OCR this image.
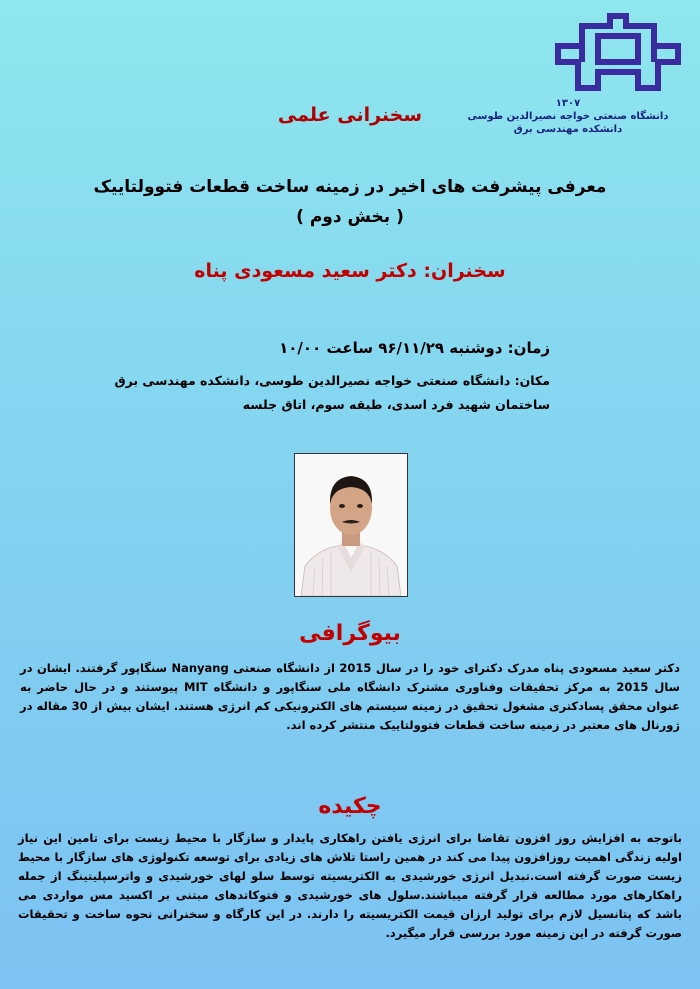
۱۳۰۷
دانشگاه صنعتی خواجه نصیرالدین طوسی
دانشکده مهندسی برق
سخنرانی علمی
معرفی پیشرفت های اخیر در زمینه ساخت قطعات فتوولتاییک
( بخش دوم )
سخنران: دکتر سعید مسعودی پناه
زمان: دوشنبه ۹۶/۱۱/۲۹ ساعت ۱۰/۰۰
مکان: دانشگاه صنعتی خواجه نصیرالدین طوسی، دانشکده مهندسی برق
ساختمان شهید فرد اسدی، طبقه سوم، اتاق جلسه
بیوگرافی
دکتر سعید مسعودی پناه مدرک دکترای خود را در سال 2015 از دانشگاه صنعتی Nanyang سنگاپور گرفتند. ایشان در سال 2015 به مرکز تحقیقات وفناوری مشترک دانشگاه ملی سنگاپور و دانشگاه MIT پیوستند و در حال حاضر به عنوان محقق پسادکتری مشغول تحقیق در زمینه سیستم های الکترونیکی کم انرژی هستند. ایشان بیش از 30 مقاله در ژورنال های معتبر در زمینه ساخت قطعات فتوولتاییک منتشر کرده اند.
چکیده
باتوجه به افزایش روز افزون تقاضا برای انرژی یافتن راهکاری پایدار و سازگار با محیط زیست برای تامین این نیاز اولیه زندگی اهمیت روزافزون پیدا می کند در همین راستا تلاش های زیادی برای توسعه تکنولوژی های سازگار با محیط زیست صورت گرفته است.تبدیل انرژی خورشیدی به الکتریسیته توسط سلو لهای خورشیدی و واترسپلیتینگ از جمله راهکارهای مورد مطالعه قرار گرفته میباشند.سلول های خورشیدی و فتوکاتدهای مبتنی بر اکسید مس مواردی می باشد که پتانسیل لازم برای تولید ارزان قیمت الکتریسیته را دارند. در این کارگاه و سخنرانی نحوه ساخت و تحقیقات صورت گرفته در این زمینه مورد بررسی قرار میگیرد.
